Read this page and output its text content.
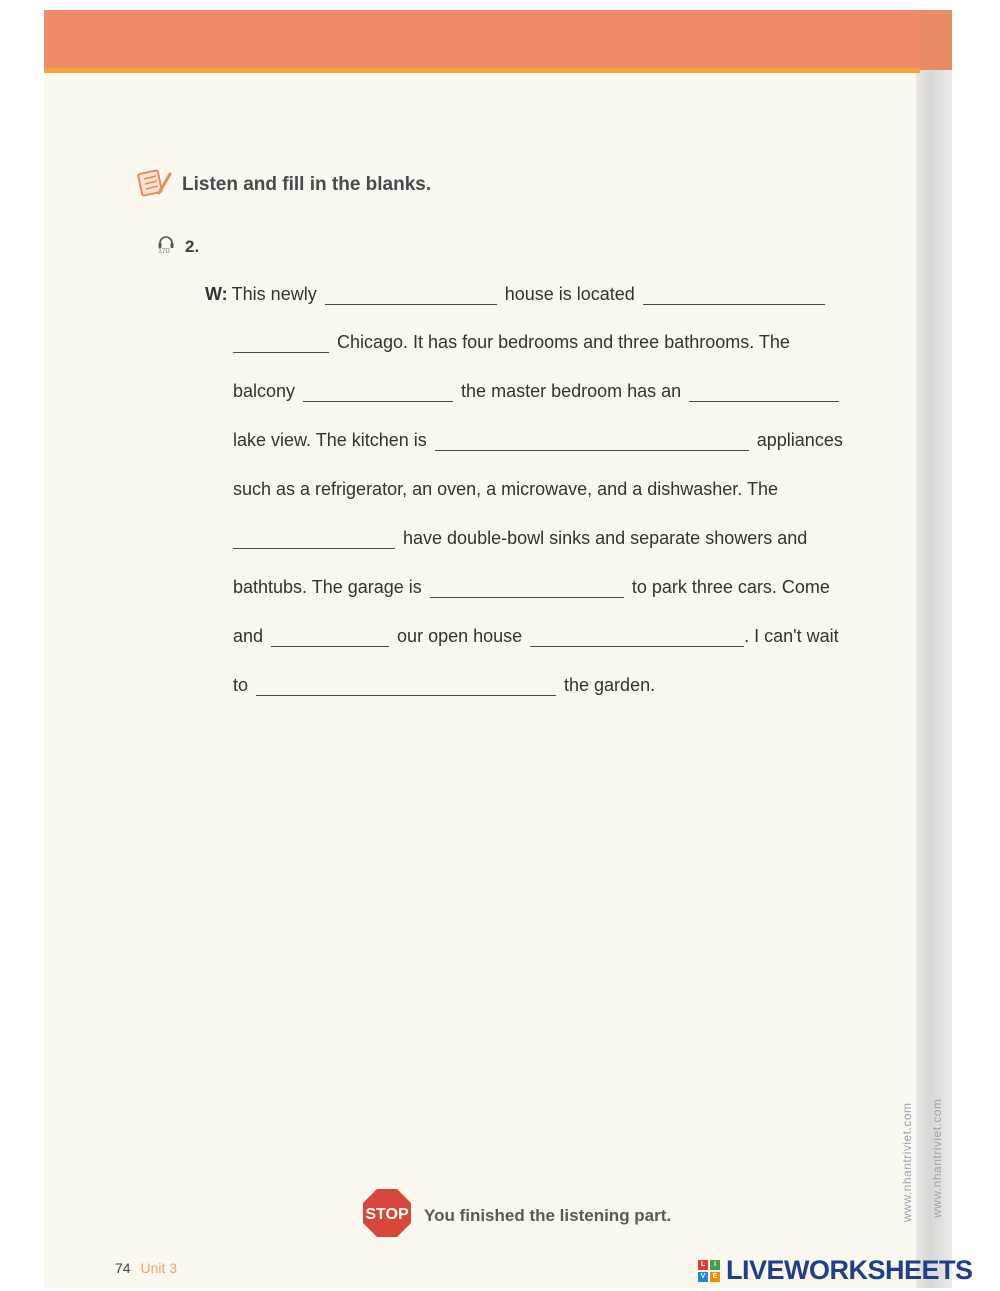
Listen and fill in the blanks.
170 2.
W: This newly	house is located
Chicago. It has four bedrooms and three bathrooms. The
balcony	the master bedroom has an
lake view. The kitchen is	appliances
such as a refrigerator, an oven, a microwave, and a dishwasher. The
have double-bowl sinks and separate showers and
bathtubs. The garage is	to park three cars. Come
and	our open house	. I can't wait
to	the garden.
STOP You finished the listening part.
74 Unit 3
www.nhantriviet.com www.nhantriviet.com
L	I
V	E LIVEWORKSHEETS
